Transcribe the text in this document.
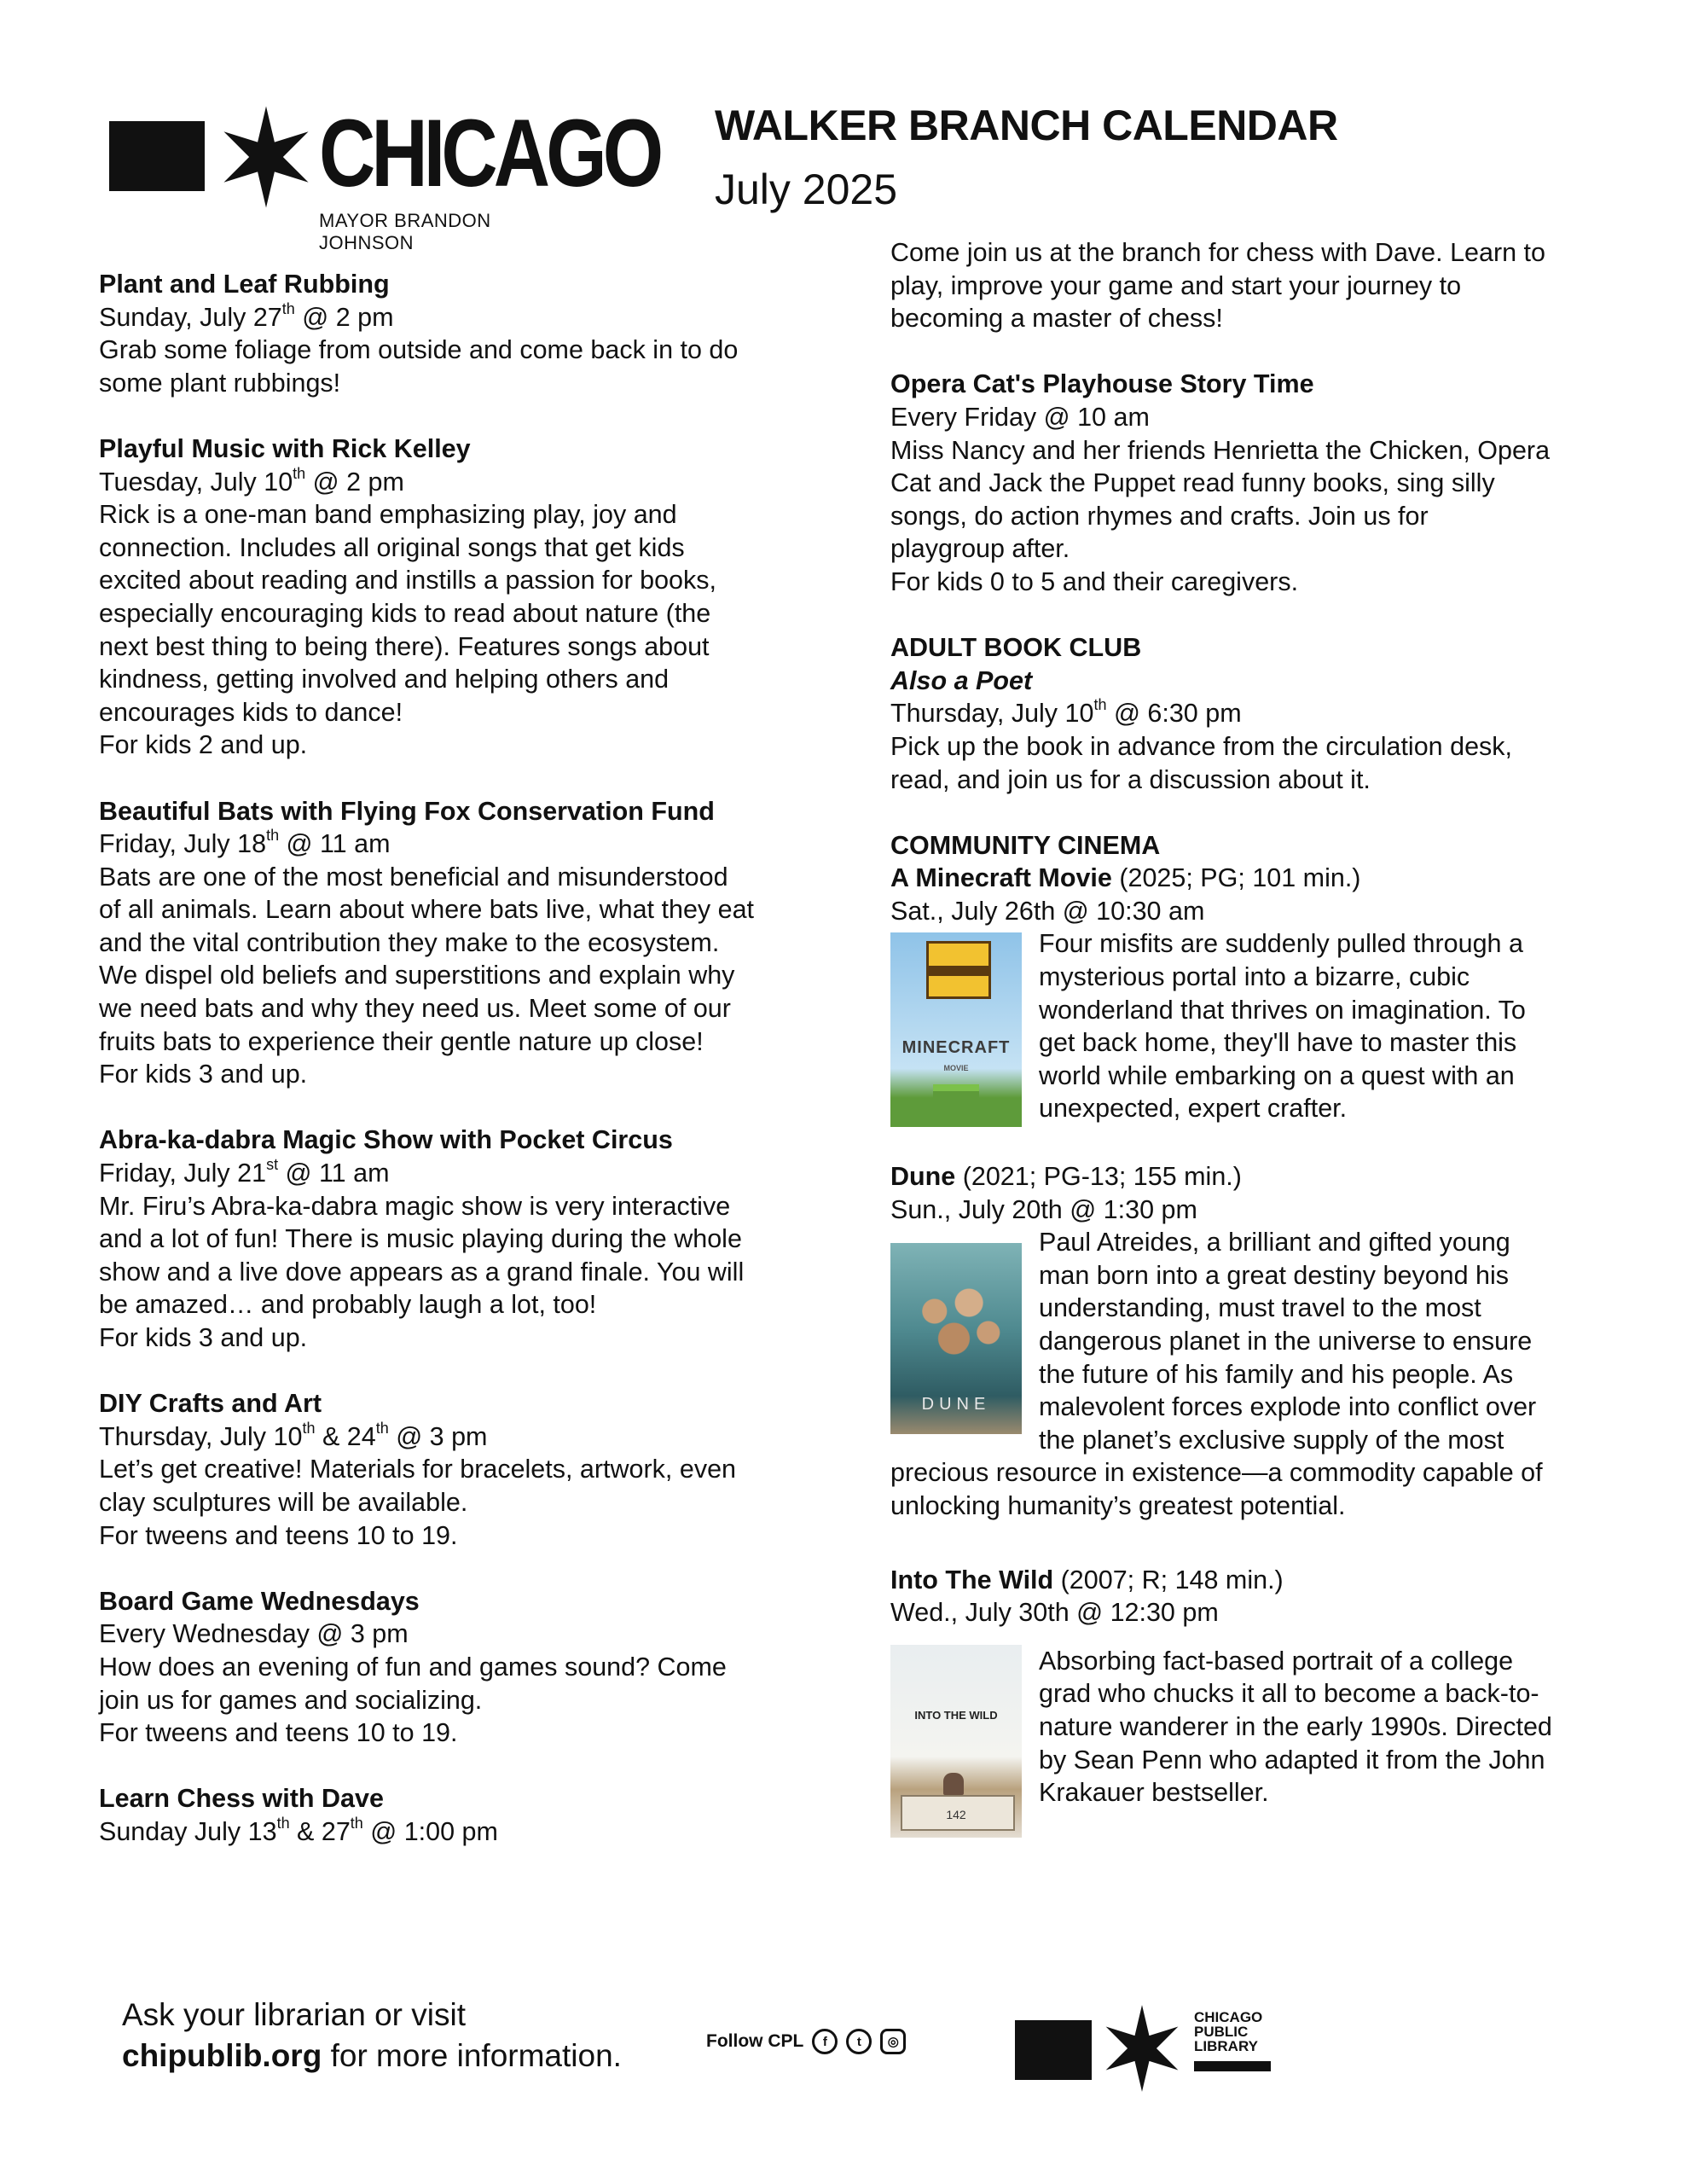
CHICAGO
MAYOR BRANDON JOHNSON
WALKER BRANCH CALENDAR
July 2025
Plant and Leaf Rubbing
Sunday, July 27th @ 2 pm
Grab some foliage from outside and come back in to do
some plant rubbings!
Playful Music with Rick Kelley
Tuesday, July 10th @ 2 pm
Rick is a one-man band emphasizing play, joy and
connection. Includes all original songs that get kids
excited about reading and instills a passion for books,
especially encouraging kids to read about nature (the
next best thing to being there). Features songs about
kindness, getting involved and helping others and
encourages kids to dance!
For kids 2 and up.
Beautiful Bats with Flying Fox Conservation Fund
Friday, July 18th @ 11 am
Bats are one of the most beneficial and misunderstood
of all animals. Learn about where bats live, what they eat
and the vital contribution they make to the ecosystem.
We dispel old beliefs and superstitions and explain why
we need bats and why they need us. Meet some of our
fruits bats to experience their gentle nature up close!
For kids 3 and up.
Abra-ka-dabra Magic Show with Pocket Circus
Friday, July 21st @ 11 am
Mr. Firu’s Abra-ka-dabra magic show is very interactive
and a lot of fun! There is music playing during the whole
show and a live dove appears as a grand finale. You will
be amazed… and probably laugh a lot, too!
For kids 3 and up.
DIY Crafts and Art
Thursday, July 10th & 24th @ 3 pm
Let’s get creative! Materials for bracelets, artwork, even
clay sculptures will be available.
For tweens and teens 10 to 19.
Board Game Wednesdays
Every Wednesday @ 3 pm
How does an evening of fun and games sound? Come
join us for games and socializing.
For tweens and teens 10 to 19.
Learn Chess with Dave
Sunday July 13th & 27th @ 1:00 pm
Come join us at the branch for chess with Dave. Learn to
play, improve your game and start your journey to
becoming a master of chess!
Opera Cat's Playhouse Story Time
Every Friday @ 10 am
Miss Nancy and her friends Henrietta the Chicken, Opera
Cat and Jack the Puppet read funny books, sing silly
songs, do action rhymes and crafts. Join us for
playgroup after.
For kids 0 to 5 and their caregivers.
ADULT BOOK CLUB
Also a Poet
Thursday, July 10th @ 6:30 pm
Pick up the book in advance from the circulation desk,
read, and join us for a discussion about it.
COMMUNITY CINEMA
A Minecraft Movie (2025; PG; 101 min.)
Sat., July 26th @ 10:30 am
MINECRAFT
MOVIE
Four misfits are suddenly pulled through a
mysterious portal into a bizarre, cubic
wonderland that thrives on imagination. To
get back home, they'll have to master this
world while embarking on a quest with an
unexpected, expert crafter.
Dune (2021; PG-13; 155 min.)
Sun., July 20th @ 1:30 pm
DUNE
Paul Atreides, a brilliant and gifted young
man born into a great destiny beyond his
understanding, must travel to the most
dangerous planet in the universe to ensure
the future of his family and his people. As
malevolent forces explode into conflict over
the planet’s exclusive supply of the most
precious resource in existence—a commodity capable of
unlocking humanity’s greatest potential.
Into The Wild (2007; R; 148 min.)
Wed., July 30th @ 12:30 pm
INTO THE WILD
142
Absorbing fact-based portrait of a college
grad who chucks it all to become a back-to-
nature wanderer in the early 1990s. Directed
by Sean Penn who adapted it from the John
Krakauer bestseller.
Ask your librarian or visit
chipublib.org for more information.	Follow CPL	f	t	◎
CHICAGO
PUBLIC
LIBRARY
